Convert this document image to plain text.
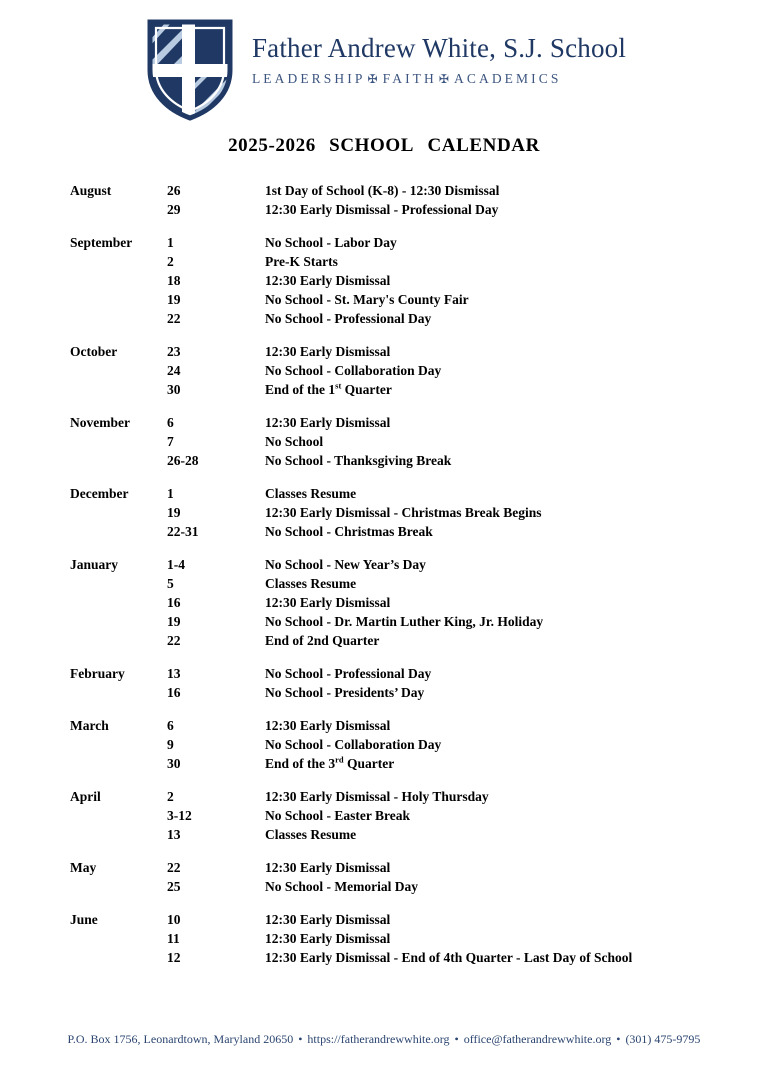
Father Andrew White, S.J. School
LEADERSHIP ✠ FAITH ✠ ACADEMICS
2025-2026 SCHOOL CALENDAR
August	26	1st Day of School (K-8) - 12:30 Dismissal
29	12:30 Early Dismissal - Professional Day
September	1	No School - Labor Day
2	Pre-K Starts
18	12:30 Early Dismissal
19	No School - St. Mary's County Fair
22	No School - Professional Day
October	23	12:30 Early Dismissal
24	No School - Collaboration Day
30	End of the 1st Quarter
November	6	12:30 Early Dismissal
7	No School
26-28	No School - Thanksgiving Break
December	1	Classes Resume
19	12:30 Early Dismissal - Christmas Break Begins
22-31	No School - Christmas Break
January	1-4	No School - New Year’s Day
5	Classes Resume
16	12:30 Early Dismissal
19	No School - Dr. Martin Luther King, Jr. Holiday
22	End of 2nd Quarter
February	13	No School - Professional Day
16	No School - Presidents’ Day
March	6	12:30 Early Dismissal
9	No School - Collaboration Day
30	End of the 3rd Quarter
April	2	12:30 Early Dismissal - Holy Thursday
3-12	No School - Easter Break
13	Classes Resume
May	22	12:30 Early Dismissal
25	No School - Memorial Day
June	10	12:30 Early Dismissal
11	12:30 Early Dismissal
12	12:30 Early Dismissal - End of 4th Quarter - Last Day of School
P.O. Box 1756, Leonardtown, Maryland 20650 • https://fatherandrewwhite.org • office@fatherandrewwhite.org • (301) 475-9795
